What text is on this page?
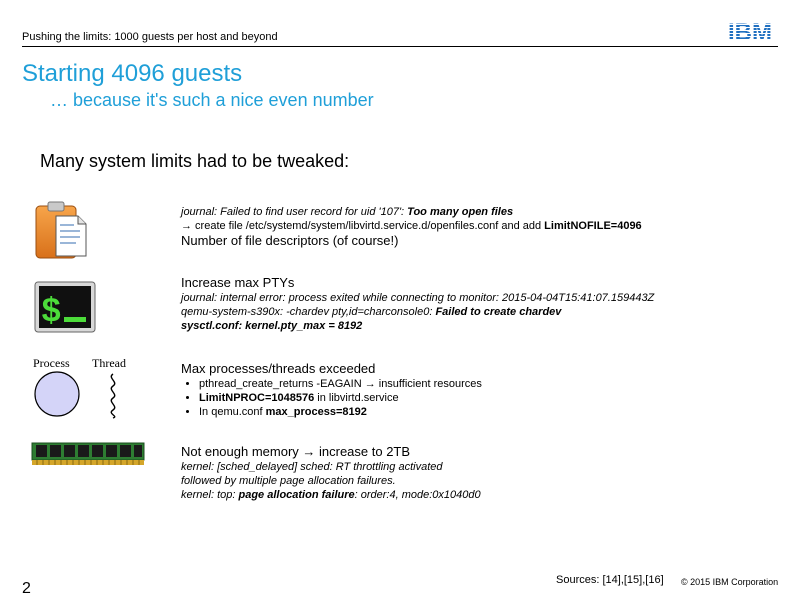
Pushing the limits: 1000 guests per host and beyond	IBM
Starting 4096 guests
… because it's such a nice even number
Many system limits had to be tweaked:
journal: Failed to find user record for uid '107': Too many open files
→ create file /etc/systemd/system/libvirtd.service.d/openfiles.conf and add LimitNOFILE=4096
Number of file descriptors (of course!)
$
Increase max PTYs
journal: internal error: process exited while connecting to monitor: 2015-04-04T15:41:07.159443Z
qemu-system-s390x: -chardev pty,id=charconsole0: Failed to create chardev
sysctl.conf: kernel.pty_max = 8192
Process Thread	Max processes/threads exceeded
• pthread_create_returns -EAGAIN → insufficient resources
• LimitNPROC=1048576 in libvirtd.service
• In qemu.conf max_process=8192
Not enough memory → increase to 2TB
kernel: [sched_delayed] sched: RT throttling activated
followed by multiple page allocation failures.
kernel: top: page allocation failure: order:4, mode:0x1040d0
Sources: [14],[15],[16] © 2015 IBM Corporation
2
